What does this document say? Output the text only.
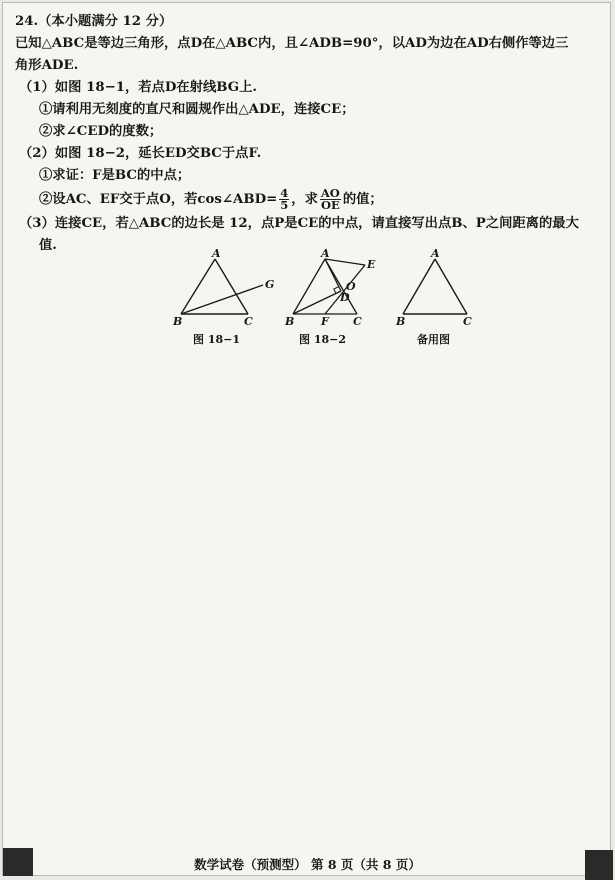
24.（本小题满分 12 分）
已知△ABC是等边三角形，点D在△ABC内，且∠ADB=90°，以AD为边在AD右侧作等边三
角形ADE.
（1）如图 18−1，若点D在射线BG上.
①请利用无刻度的直尺和圆规作出△ADE，连接CE；
②求∠CED的度数；
（2）如图 18−2，延长ED交BC于点F.
①求证：F是BC的中点；
②设AC、EF交于点O，若cos∠ABD= $\frac{4}{5}$ ，求 $\frac{AO}{OE}$ 的值；
（3）连接CE，若△ABC的边长是 12，点P是CE的中点，请直接写出点B、P之间距离的最大
值.
A
B	C
G
图 18−1
A
B	C
D
E
F
O
图 18−2
A
B	C
备用图
数学试卷（预测型） 第 8 页（共 8 页）
